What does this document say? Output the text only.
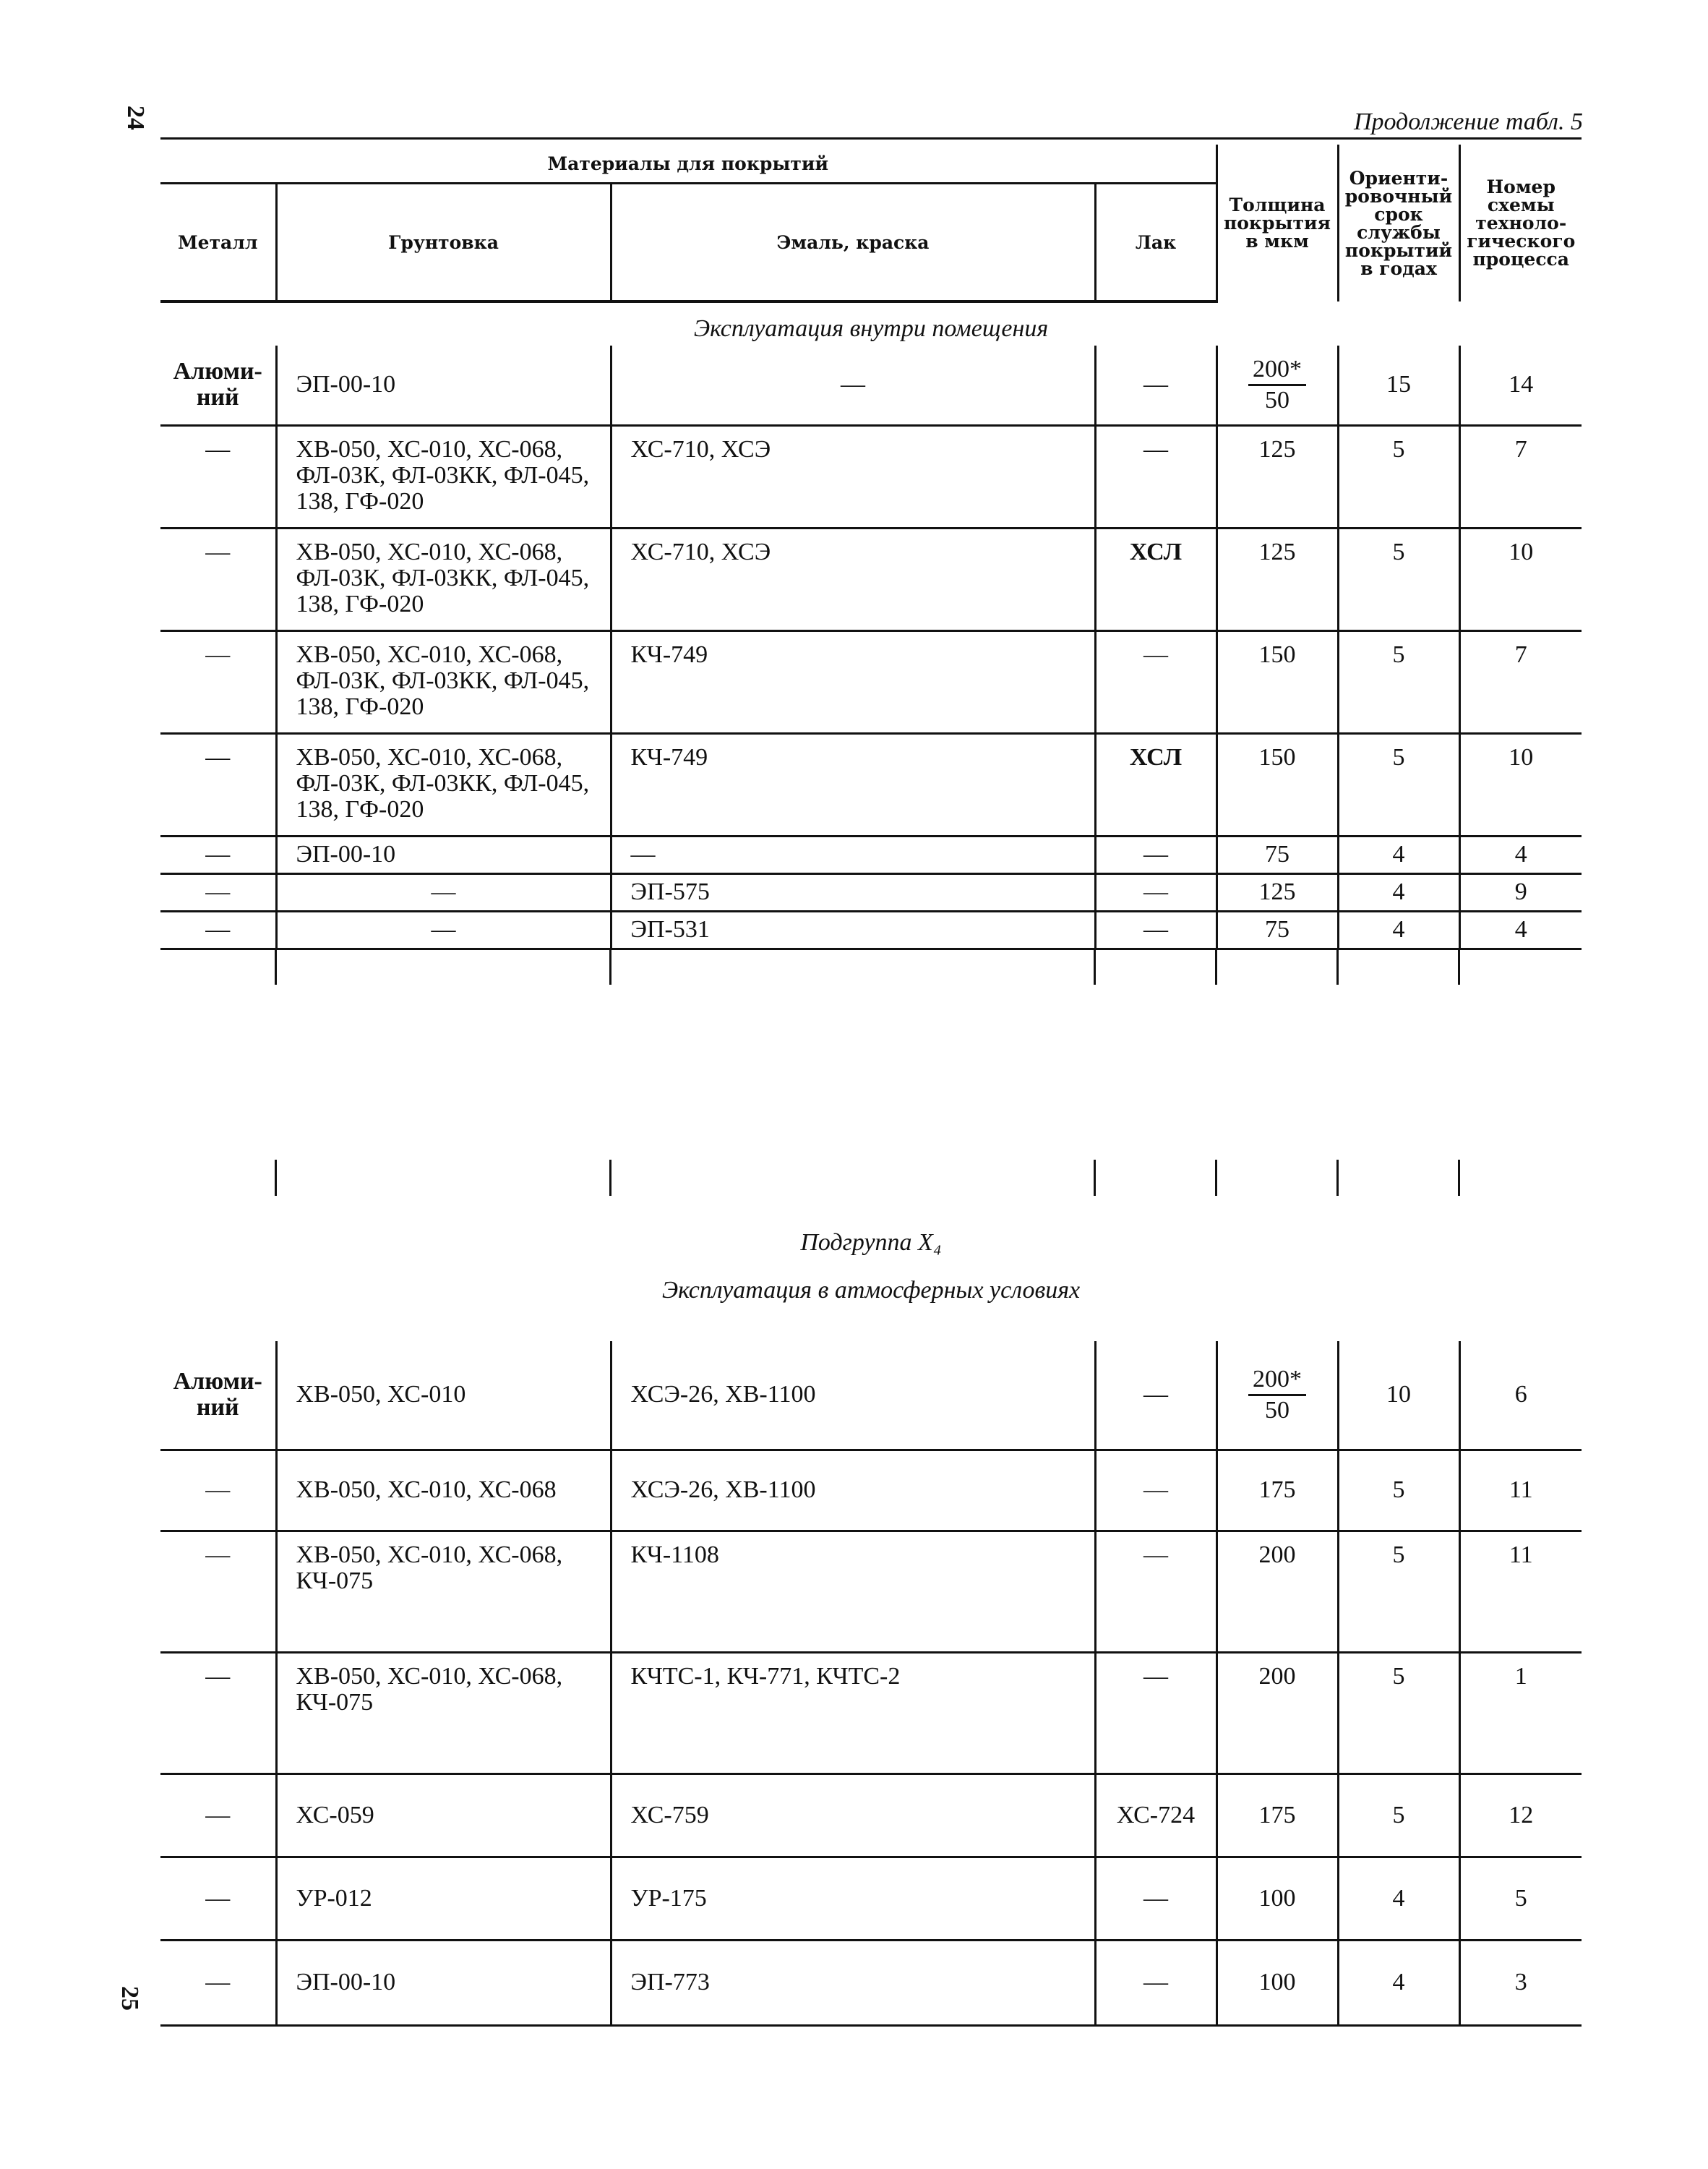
24
25
Продолжение табл. 5
Материалы для покрытий				Толщина покрытия в мкм	Ориенти-ровочный срок службы покрытий в годах	Номер схемы техноло-гического процесса
Металл	Грунтовка	Эмаль, краска	Лак			
Эксплуатация внутри помещения
Алюми-ний	ЭП-00-10	—	—	$\frac{200*}{50}$	15	14
—	ХВ-050, ХС-010, ХС-068, ФЛ-03К, ФЛ-03КК, ФЛ-045, 138, ГФ-020	ХС-710, ХСЭ	—	125	5	7
—	ХВ-050, ХС-010, ХС-068, ФЛ-03К, ФЛ-03КК, ФЛ-045, 138, ГФ-020	ХС-710, ХСЭ	ХСЛ	125	5	10
—	ХВ-050, ХС-010, ХС-068, ФЛ-03К, ФЛ-03КК, ФЛ-045, 138, ГФ-020	КЧ-749	—	150	5	7
—	ХВ-050, ХС-010, ХС-068, ФЛ-03К, ФЛ-03КК, ФЛ-045, 138, ГФ-020	КЧ-749	ХСЛ	150	5	10
—	ЭП-00-10	—	—	75	4	4
—	—	ЭП-575	—	125	4	9
—	—	ЭП-531	—	75	4	4
Подгруппа Х₄
Эксплуатация в атмосферных условиях
Алюми-ний	ХВ-050, ХС-010	ХСЭ-26, ХВ-1100	—	$\frac{200*}{50}$	10	6
—	ХВ-050, ХС-010, ХС-068	ХСЭ-26, ХВ-1100	—	175	5	11
—	ХВ-050, ХС-010, ХС-068, КЧ-075	КЧ-1108	—	200	5	11
—	ХВ-050, ХС-010, ХС-068, КЧ-075	КЧТС-1, КЧ-771, КЧТС-2	—	200	5	1
—	ХС-059	ХС-759	ХС-724	175	5	12
—	УР-012	УР-175	—	100	4	5
—	ЭП-00-10	ЭП-773	—	100	4	3
